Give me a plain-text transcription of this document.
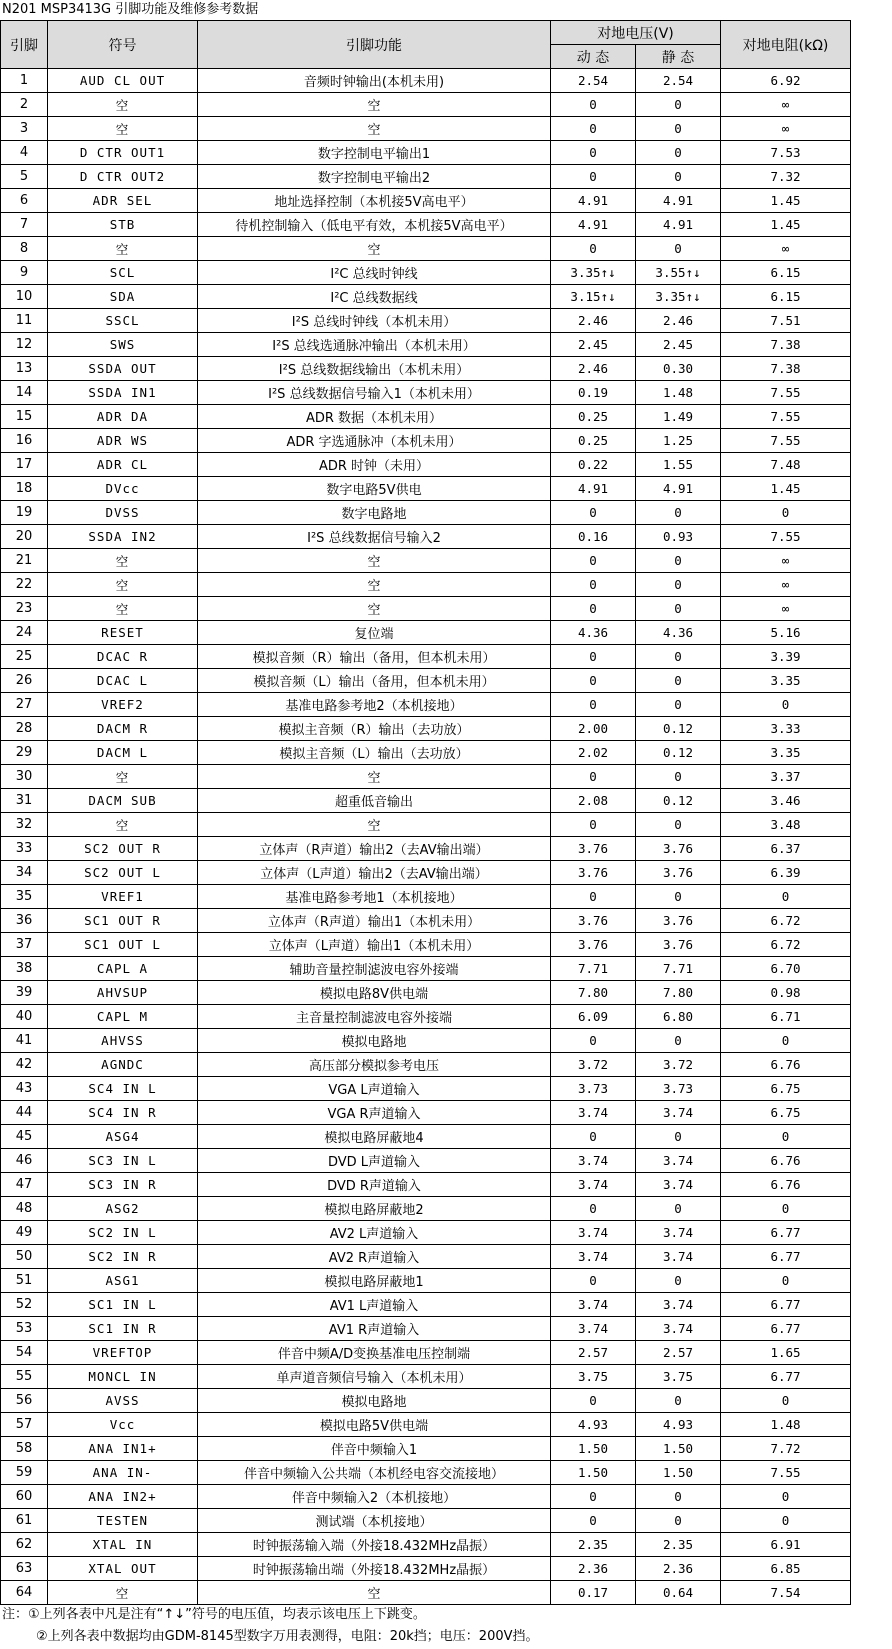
N201 MSP3413G 引脚功能及维修参考数据
引脚	符号	引脚功能	对地电压(V)		对地电阻(kΩ)
			动 态	静 态	
1	AUD CL OUT	音频时钟输出(本机未用)	2.54	2.54	6.92
2	空	空	0	0	∞
3	空	空	0	0	∞
4	D CTR OUT1	数字控制电平输出1	0	0	7.53
5	D CTR OUT2	数字控制电平输出2	0	0	7.32
6	ADR SEL	地址选择控制（本机接5V高电平）	4.91	4.91	1.45
7	STB	待机控制输入（低电平有效，本机接5V高电平）	4.91	4.91	1.45
8	空	空	0	0	∞
9	SCL	I²C 总线时钟线	3.35↑↓	3.55↑↓	6.15
10	SDA	I²C 总线数据线	3.15↑↓	3.35↑↓	6.15
11	SSCL	I²S 总线时钟线（本机未用）	2.46	2.46	7.51
12	SWS	I²S 总线选通脉冲输出（本机未用）	2.45	2.45	7.38
13	SSDA OUT	I²S 总线数据线输出（本机未用）	2.46	0.30	7.38
14	SSDA IN1	I²S 总线数据信号输入1（本机未用）	0.19	1.48	7.55
15	ADR DA	ADR 数据（本机未用）	0.25	1.49	7.55
16	ADR WS	ADR 字选通脉冲（本机未用）	0.25	1.25	7.55
17	ADR CL	ADR 时钟（未用）	0.22	1.55	7.48
18	DVcc	数字电路5V供电	4.91	4.91	1.45
19	DVSS	数字电路地	0	0	0
20	SSDA IN2	I²S 总线数据信号输入2	0.16	0.93	7.55
21	空	空	0	0	∞
22	空	空	0	0	∞
23	空	空	0	0	∞
24	RESET	复位端	4.36	4.36	5.16
25	DCAC R	模拟音频（R）输出（备用，但本机未用）	0	0	3.39
26	DCAC L	模拟音频（L）输出（备用，但本机未用）	0	0	3.35
27	VREF2	基准电路参考地2（本机接地）	0	0	0
28	DACM R	模拟主音频（R）输出（去功放）	2.00	0.12	3.33
29	DACM L	模拟主音频（L）输出（去功放）	2.02	0.12	3.35
30	空	空	0	0	3.37
31	DACM SUB	超重低音输出	2.08	0.12	3.46
32	空	空	0	0	3.48
33	SC2 OUT R	立体声（R声道）输出2（去AV输出端）	3.76	3.76	6.37
34	SC2 OUT L	立体声（L声道）输出2（去AV输出端）	3.76	3.76	6.39
35	VREF1	基准电路参考地1（本机接地）	0	0	0
36	SC1 OUT R	立体声（R声道）输出1（本机未用）	3.76	3.76	6.72
37	SC1 OUT L	立体声（L声道）输出1（本机未用）	3.76	3.76	6.72
38	CAPL A	辅助音量控制滤波电容外接端	7.71	7.71	6.70
39	AHVSUP	模拟电路8V供电端	7.80	7.80	0.98
40	CAPL M	主音量控制滤波电容外接端	6.09	6.80	6.71
41	AHVSS	模拟电路地	0	0	0
42	AGNDC	高压部分模拟参考电压	3.72	3.72	6.76
43	SC4 IN L	VGA L声道输入	3.73	3.73	6.75
44	SC4 IN R	VGA R声道输入	3.74	3.74	6.75
45	ASG4	模拟电路屏蔽地4	0	0	0
46	SC3 IN L	DVD L声道输入	3.74	3.74	6.76
47	SC3 IN R	DVD R声道输入	3.74	3.74	6.76
48	ASG2	模拟电路屏蔽地2	0	0	0
49	SC2 IN L	AV2 L声道输入	3.74	3.74	6.77
50	SC2 IN R	AV2 R声道输入	3.74	3.74	6.77
51	ASG1	模拟电路屏蔽地1	0	0	0
52	SC1 IN L	AV1 L声道输入	3.74	3.74	6.77
53	SC1 IN R	AV1 R声道输入	3.74	3.74	6.77
54	VREFTOP	伴音中频A/D变换基准电压控制端	2.57	2.57	1.65
55	MONCL IN	单声道音频信号输入（本机未用）	3.75	3.75	6.77
56	AVSS	模拟电路地	0	0	0
57	Vcc	模拟电路5V供电端	4.93	4.93	1.48
58	ANA IN1+	伴音中频输入1	1.50	1.50	7.72
59	ANA IN-	伴音中频输入公共端（本机经电容交流接地）	1.50	1.50	7.55
60	ANA IN2+	伴音中频输入2（本机接地）	0	0	0
61	TESTEN	测试端（本机接地）	0	0	0
62	XTAL IN	时钟振荡输入端（外接18.432MHz晶振）	2.35	2.35	6.91
63	XTAL OUT	时钟振荡输出端（外接18.432MHz晶振）	2.36	2.36	6.85
64	空	空	0.17	0.64	7.54
注：①上列各表中凡是注有“↑↓”符号的电压值，均表示该电压上下跳变。
②上列各表中数据均由GDM-8145型数字万用表测得，电阻：20k挡；电压：200V挡。
